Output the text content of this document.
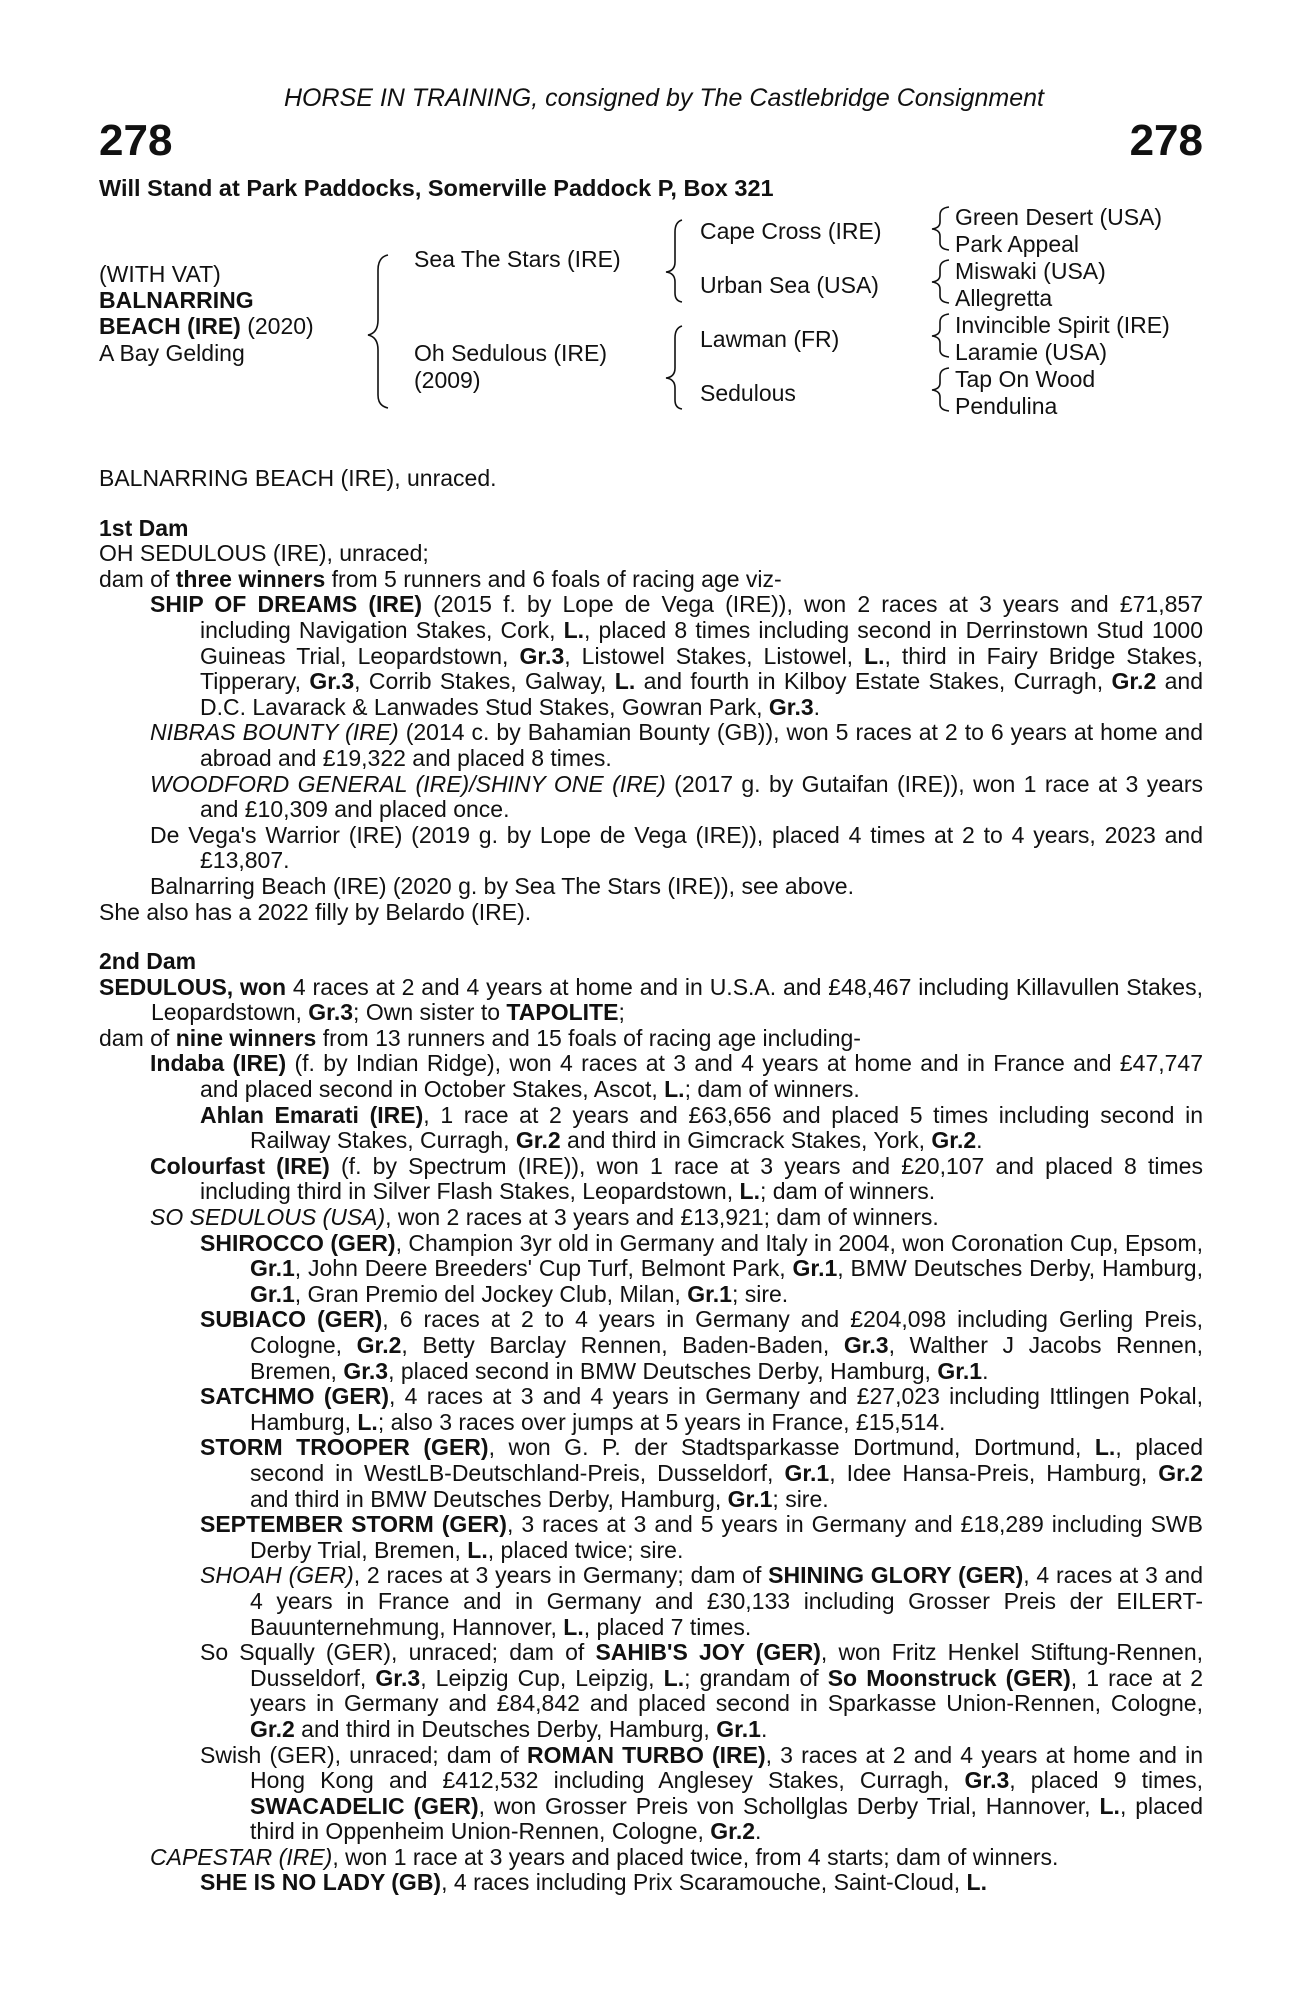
HORSE IN TRAINING, consigned by The Castlebridge Consignment
278	278
Will Stand at Park Paddocks, Somerville Paddock P, Box 321
(WITH VAT)
BALNARRING
BEACH (IRE) (2020)
A Bay Gelding
Sea The Stars (IRE)
Oh Sedulous (IRE)
(2009)
Cape Cross (IRE)
Urban Sea (USA)
Lawman (FR)
Sedulous
Green Desert (USA)
Park Appeal
Miswaki (USA)
Allegretta
Invincible Spirit (IRE)
Laramie (USA)
Tap On Wood
Pendulina

BALNARRING BEACH (IRE), unraced.

1st Dam

OH SEDULOUS (IRE), unraced;

dam of three winners from 5 runners and 6 foals of racing age viz-

SHIP OF DREAMS (IRE) (2015 f. by Lope de Vega (IRE)), won 2 races at 3 years and £71,857 including Navigation Stakes, Cork, L., placed 8 times including second in Derrinstown Stud 1000 Guineas Trial, Leopardstown, Gr.3, Listowel Stakes, Listowel, L., third in Fairy Bridge Stakes, Tipperary, Gr.3, Corrib Stakes, Galway, L. and fourth in Kilboy Estate Stakes, Curragh, Gr.2 and D.C. Lavarack & Lanwades Stud Stakes, Gowran Park, Gr.3.

NIBRAS BOUNTY (IRE) (2014 c. by Bahamian Bounty (GB)), won 5 races at 2 to 6 years at home and abroad and £19,322 and placed 8 times.

WOODFORD GENERAL (IRE)/SHINY ONE (IRE) (2017 g. by Gutaifan (IRE)), won 1 race at 3 years and £10,309 and placed once.

De Vega's Warrior (IRE) (2019 g. by Lope de Vega (IRE)), placed 4 times at 2 to 4 years, 2023 and £13,807.

Balnarring Beach (IRE) (2020 g. by Sea The Stars (IRE)), see above.

She also has a 2022 filly by Belardo (IRE).

2nd Dam

SEDULOUS, won 4 races at 2 and 4 years at home and in U.S.A. and £48,467 including Killavullen Stakes, Leopardstown, Gr.3; Own sister to TAPOLITE;

dam of nine winners from 13 runners and 15 foals of racing age including-

Indaba (IRE) (f. by Indian Ridge), won 4 races at 3 and 4 years at home and in France and £47,747 and placed second in October Stakes, Ascot, L.; dam of winners.

Ahlan Emarati (IRE), 1 race at 2 years and £63,656 and placed 5 times including second in Railway Stakes, Curragh, Gr.2 and third in Gimcrack Stakes, York, Gr.2.

Colourfast (IRE) (f. by Spectrum (IRE)), won 1 race at 3 years and £20,107 and placed 8 times including third in Silver Flash Stakes, Leopardstown, L.; dam of winners.

SO SEDULOUS (USA), won 2 races at 3 years and £13,921; dam of winners.

SHIROCCO (GER), Champion 3yr old in Germany and Italy in 2004, won Coronation Cup, Epsom, Gr.1, John Deere Breeders' Cup Turf, Belmont Park, Gr.1, BMW Deutsches Derby, Hamburg, Gr.1, Gran Premio del Jockey Club, Milan, Gr.1; sire.

SUBIACO (GER), 6 races at 2 to 4 years in Germany and £204,098 including Gerling Preis, Cologne, Gr.2, Betty Barclay Rennen, Baden-Baden, Gr.3, Walther J Jacobs Rennen, Bremen, Gr.3, placed second in BMW Deutsches Derby, Hamburg, Gr.1.

SATCHMO (GER), 4 races at 3 and 4 years in Germany and £27,023 including Ittlingen Pokal, Hamburg, L.; also 3 races over jumps at 5 years in France, £15,514.

STORM TROOPER (GER), won G. P. der Stadtsparkasse Dortmund, Dortmund, L., placed second in WestLB-Deutschland-Preis, Dusseldorf, Gr.1, Idee Hansa-Preis, Hamburg, Gr.2 and third in BMW Deutsches Derby, Hamburg, Gr.1; sire.

SEPTEMBER STORM (GER), 3 races at 3 and 5 years in Germany and £18,289 including SWB Derby Trial, Bremen, L., placed twice; sire.

SHOAH (GER), 2 races at 3 years in Germany; dam of SHINING GLORY (GER), 4 races at 3 and 4 years in France and in Germany and £30,133 including Grosser Preis der EILERT-Bauunternehmung, Hannover, L., placed 7 times.

So Squally (GER), unraced; dam of SAHIB'S JOY (GER), won Fritz Henkel Stiftung-Rennen, Dusseldorf, Gr.3, Leipzig Cup, Leipzig, L.; grandam of So Moonstruck (GER), 1 race at 2 years in Germany and £84,842 and placed second in Sparkasse Union-Rennen, Cologne, Gr.2 and third in Deutsches Derby, Hamburg, Gr.1.

Swish (GER), unraced; dam of ROMAN TURBO (IRE), 3 races at 2 and 4 years at home and in Hong Kong and £412,532 including Anglesey Stakes, Curragh, Gr.3, placed 9 times, SWACADELIC (GER), won Grosser Preis von Schollglas Derby Trial, Hannover, L., placed third in Oppenheim Union-Rennen, Cologne, Gr.2.

CAPESTAR (IRE), won 1 race at 3 years and placed twice, from 4 starts; dam of winners.

SHE IS NO LADY (GB), 4 races including Prix Scaramouche, Saint-Cloud, L.
